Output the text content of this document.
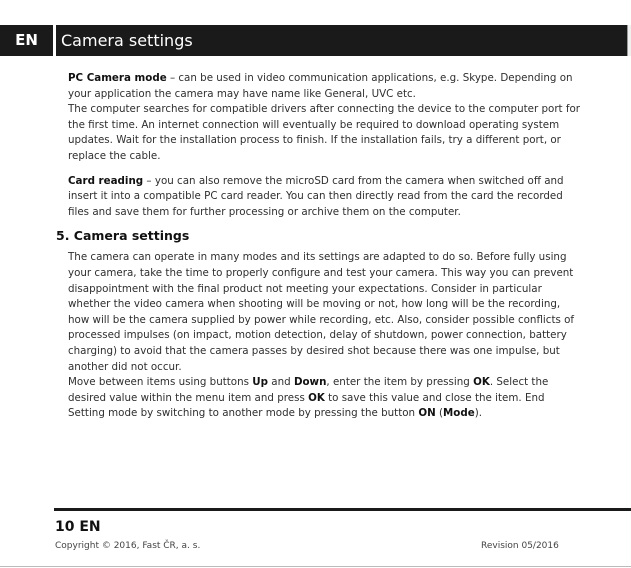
EN	Camera settings

PC Camera mode – can be used in video communication applications, e.g. Skype. Depending on your application the camera may have name like General, UVC etc.

The computer searches for compatible drivers after connecting the device to the computer port for the first time. An internet connection will eventually be required to download operating system updates. Wait for the installation process to finish. If the installation fails, try a different port, or replace the cable.

Card reading – you can also remove the microSD card from the camera when switched off and insert it into a compatible PC card reader. You can then directly read from the card the recorded files and save them for further processing or archive them on the computer.

5. Camera settings

The camera can operate in many modes and its settings are adapted to do so. Before fully using your camera, take the time to properly configure and test your camera. This way you can prevent disappointment with the final product not meeting your expectations. Consider in particular whether the video camera when shooting will be moving or not, how long will be the recording, how will be the camera supplied by power while recording, etc. Also, consider possible conflicts of processed impulses (on impact, motion detection, delay of shutdown, power connection, battery charging) to avoid that the camera passes by desired shot because there was one impulse, but another did not occur.

Move between items using buttons Up and Down, enter the item by pressing OK. Select the desired value within the menu item and press OK to save this value and close the item. End Setting mode by switching to another mode by pressing the button ON (Mode).

10 EN
Copyright © 2016, Fast ČR, a. s.	Revision 05/2016
